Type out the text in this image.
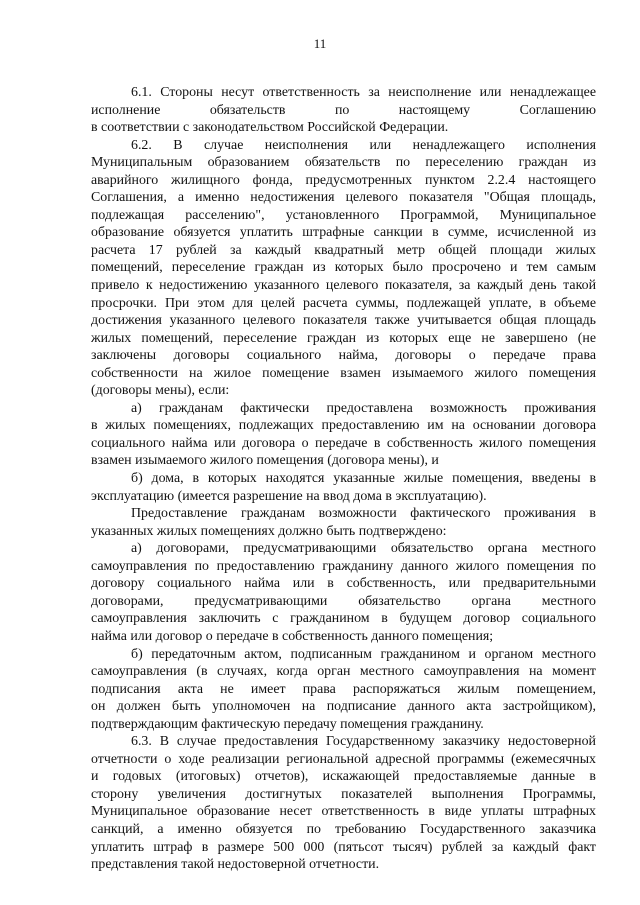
11
6.1. Стороны несут ответственность за неисполнение или ненадлежащее
исполнение обязательств по настоящему Соглашению
в соответствии с законодательством Российской Федерации.
6.2. В случае неисполнения или ненадлежащего исполнения
Муниципальным образованием обязательств по переселению граждан из
аварийного жилищного фонда, предусмотренных пунктом 2.2.4 настоящего
Соглашения, а именно недостижения целевого показателя "Общая площадь,
подлежащая расселению", установленного Программой, Муниципальное
образование обязуется уплатить штрафные санкции в сумме, исчисленной из
расчета 17 рублей за каждый квадратный метр общей площади жилых
помещений, переселение граждан из которых было просрочено и тем самым
привело к недостижению указанного целевого показателя, за каждый день такой
просрочки. При этом для целей расчета суммы, подлежащей уплате, в объеме
достижения указанного целевого показателя также учитывается общая площадь
жилых помещений, переселение граждан из которых еще не завершено (не
заключены договоры социального найма, договоры о передаче права
собственности на жилое помещение взамен изымаемого жилого помещения
(договоры мены), если:
а) гражданам фактически предоставлена возможность проживания
в жилых помещениях, подлежащих предоставлению им на основании договора
социального найма или договора о передаче в собственность жилого помещения
взамен изымаемого жилого помещения (договора мены), и
б) дома, в которых находятся указанные жилые помещения, введены в
эксплуатацию (имеется разрешение на ввод дома в эксплуатацию).
Предоставление гражданам возможности фактического проживания в
указанных жилых помещениях должно быть подтверждено:
а) договорами, предусматривающими обязательство органа местного
самоуправления по предоставлению гражданину данного жилого помещения по
договору социального найма или в собственность, или предварительными
договорами, предусматривающими обязательство органа местного
самоуправления заключить с гражданином в будущем договор социального
найма или договор о передаче в собственность данного помещения;
б) передаточным актом, подписанным гражданином и органом местного
самоуправления (в случаях, когда орган местного самоуправления на момент
подписания акта не имеет права распоряжаться жилым помещением,
он должен быть уполномочен на подписание данного акта застройщиком),
подтверждающим фактическую передачу помещения гражданину.
6.3. В случае предоставления Государственному заказчику недостоверной
отчетности о ходе реализации региональной адресной программы (ежемесячных
и годовых (итоговых) отчетов), искажающей предоставляемые данные в
сторону увеличения достигнутых показателей выполнения Программы,
Муниципальное образование несет ответственность в виде уплаты штрафных
санкций, а именно обязуется по требованию Государственного заказчика
уплатить штраф в размере 500 000 (пятьсот тысяч) рублей за каждый факт
представления такой недостоверной отчетности.
